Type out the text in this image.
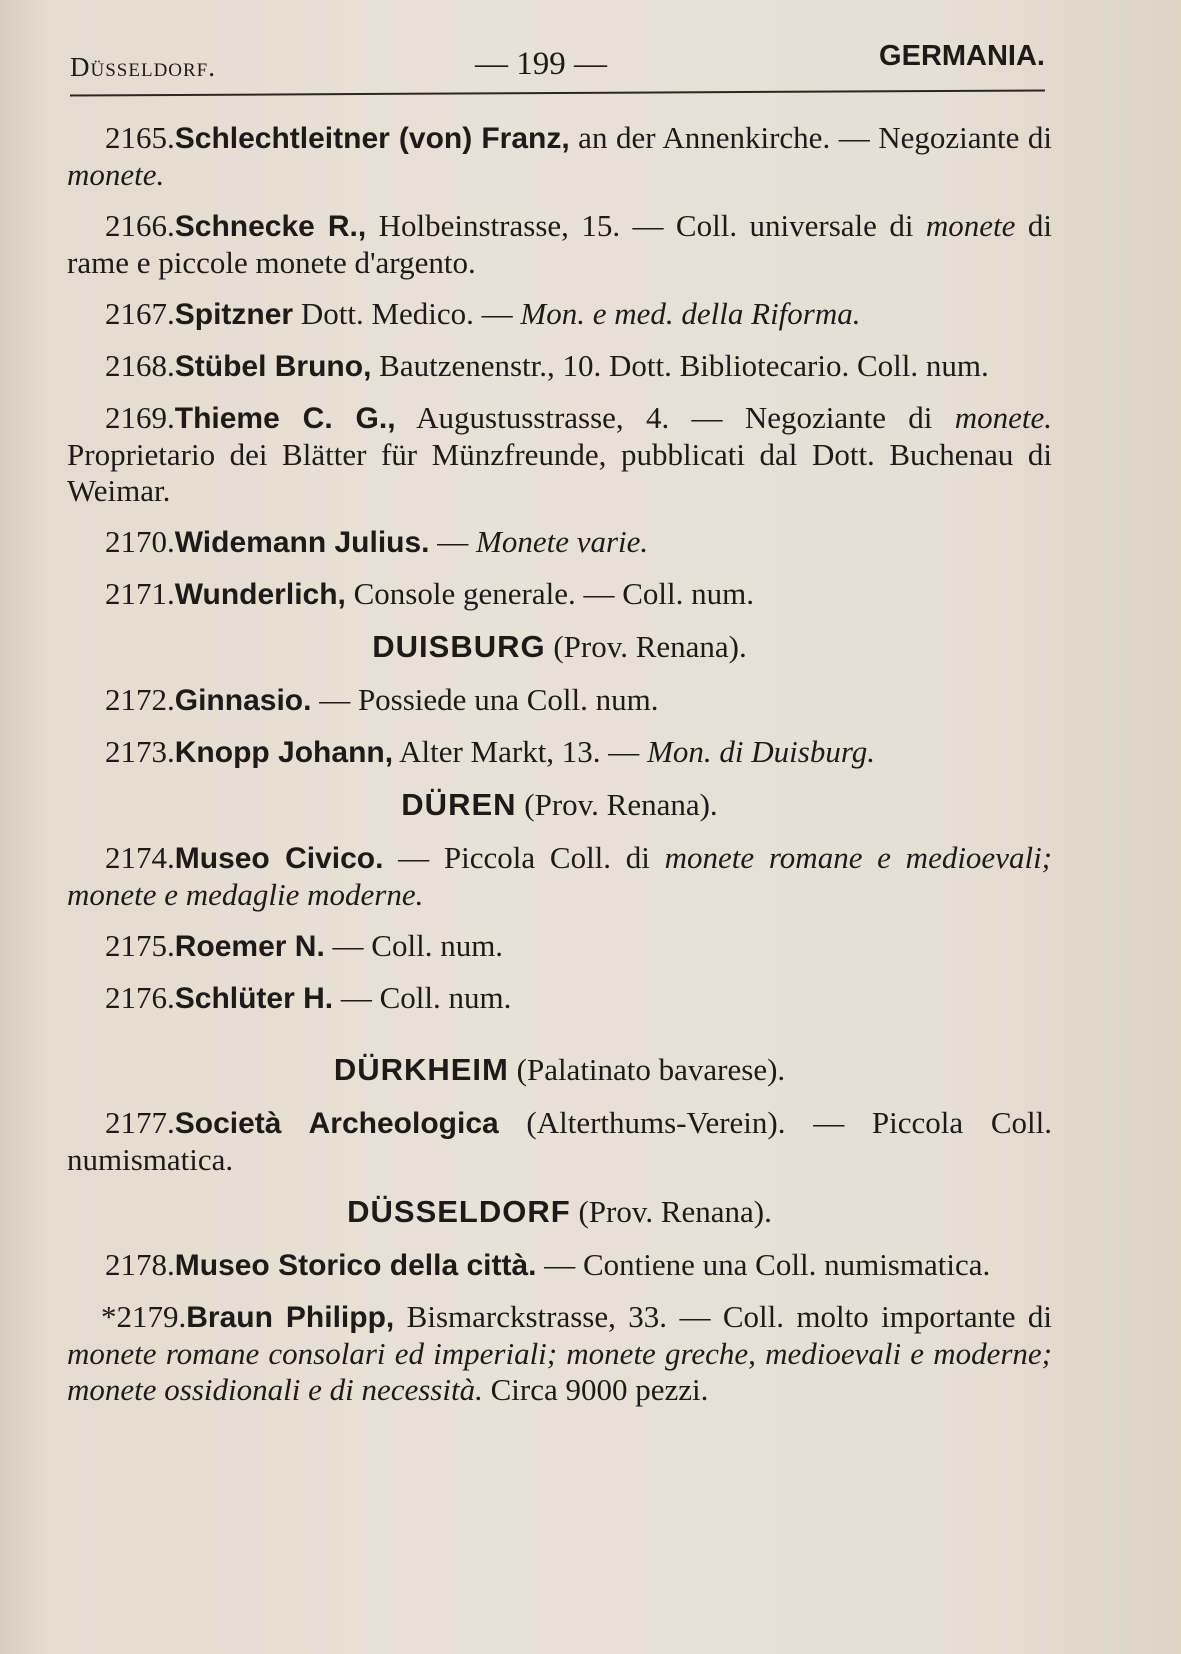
Düsseldorf.	— 199 —	GERMANIA.
2165.Schlechtleitner (von) Franz, an der Annenkirche. — Negoziante di monete.
2166.Schnecke R., Holbeinstrasse, 15. — Coll. universale di monete di rame e piccole monete d'argento.
2167.Spitzner Dott. Medico. — Mon. e med. della Riforma.
2168.Stübel Bruno, Bautzenenstr., 10. Dott. Bibliotecario. Coll. num.
2169.Thieme C. G., Augustusstrasse, 4. — Negoziante di monete. Proprietario dei Blätter für Münzfreunde, pubblicati dal Dott. Buchenau di Weimar.
2170.Widemann Julius. — Monete varie.
2171.Wunderlich, Console generale. — Coll. num.
DUISBURG (Prov. Renana).
2172.Ginnasio. — Possiede una Coll. num.
2173.Knopp Johann, Alter Markt, 13. — Mon. di Duisburg.
DÜREN (Prov. Renana).
2174.Museo Civico. — Piccola Coll. di monete romane e medioevali; monete e medaglie moderne.
2175.Roemer N. — Coll. num.
2176.Schlüter H. — Coll. num.
DÜRKHEIM (Palatinato bavarese).
2177.Società Archeologica (Alterthums-Verein). — Piccola Coll. numismatica.
DÜSSELDORF (Prov. Renana).
2178.Museo Storico della città. — Contiene una Coll. numismatica.
*2179.Braun Philipp, Bismarckstrasse, 33. — Coll. molto importante di monete romane consolari ed imperiali; monete greche, medioevali e moderne; monete ossidionali e di necessità. Circa 9000 pezzi.
